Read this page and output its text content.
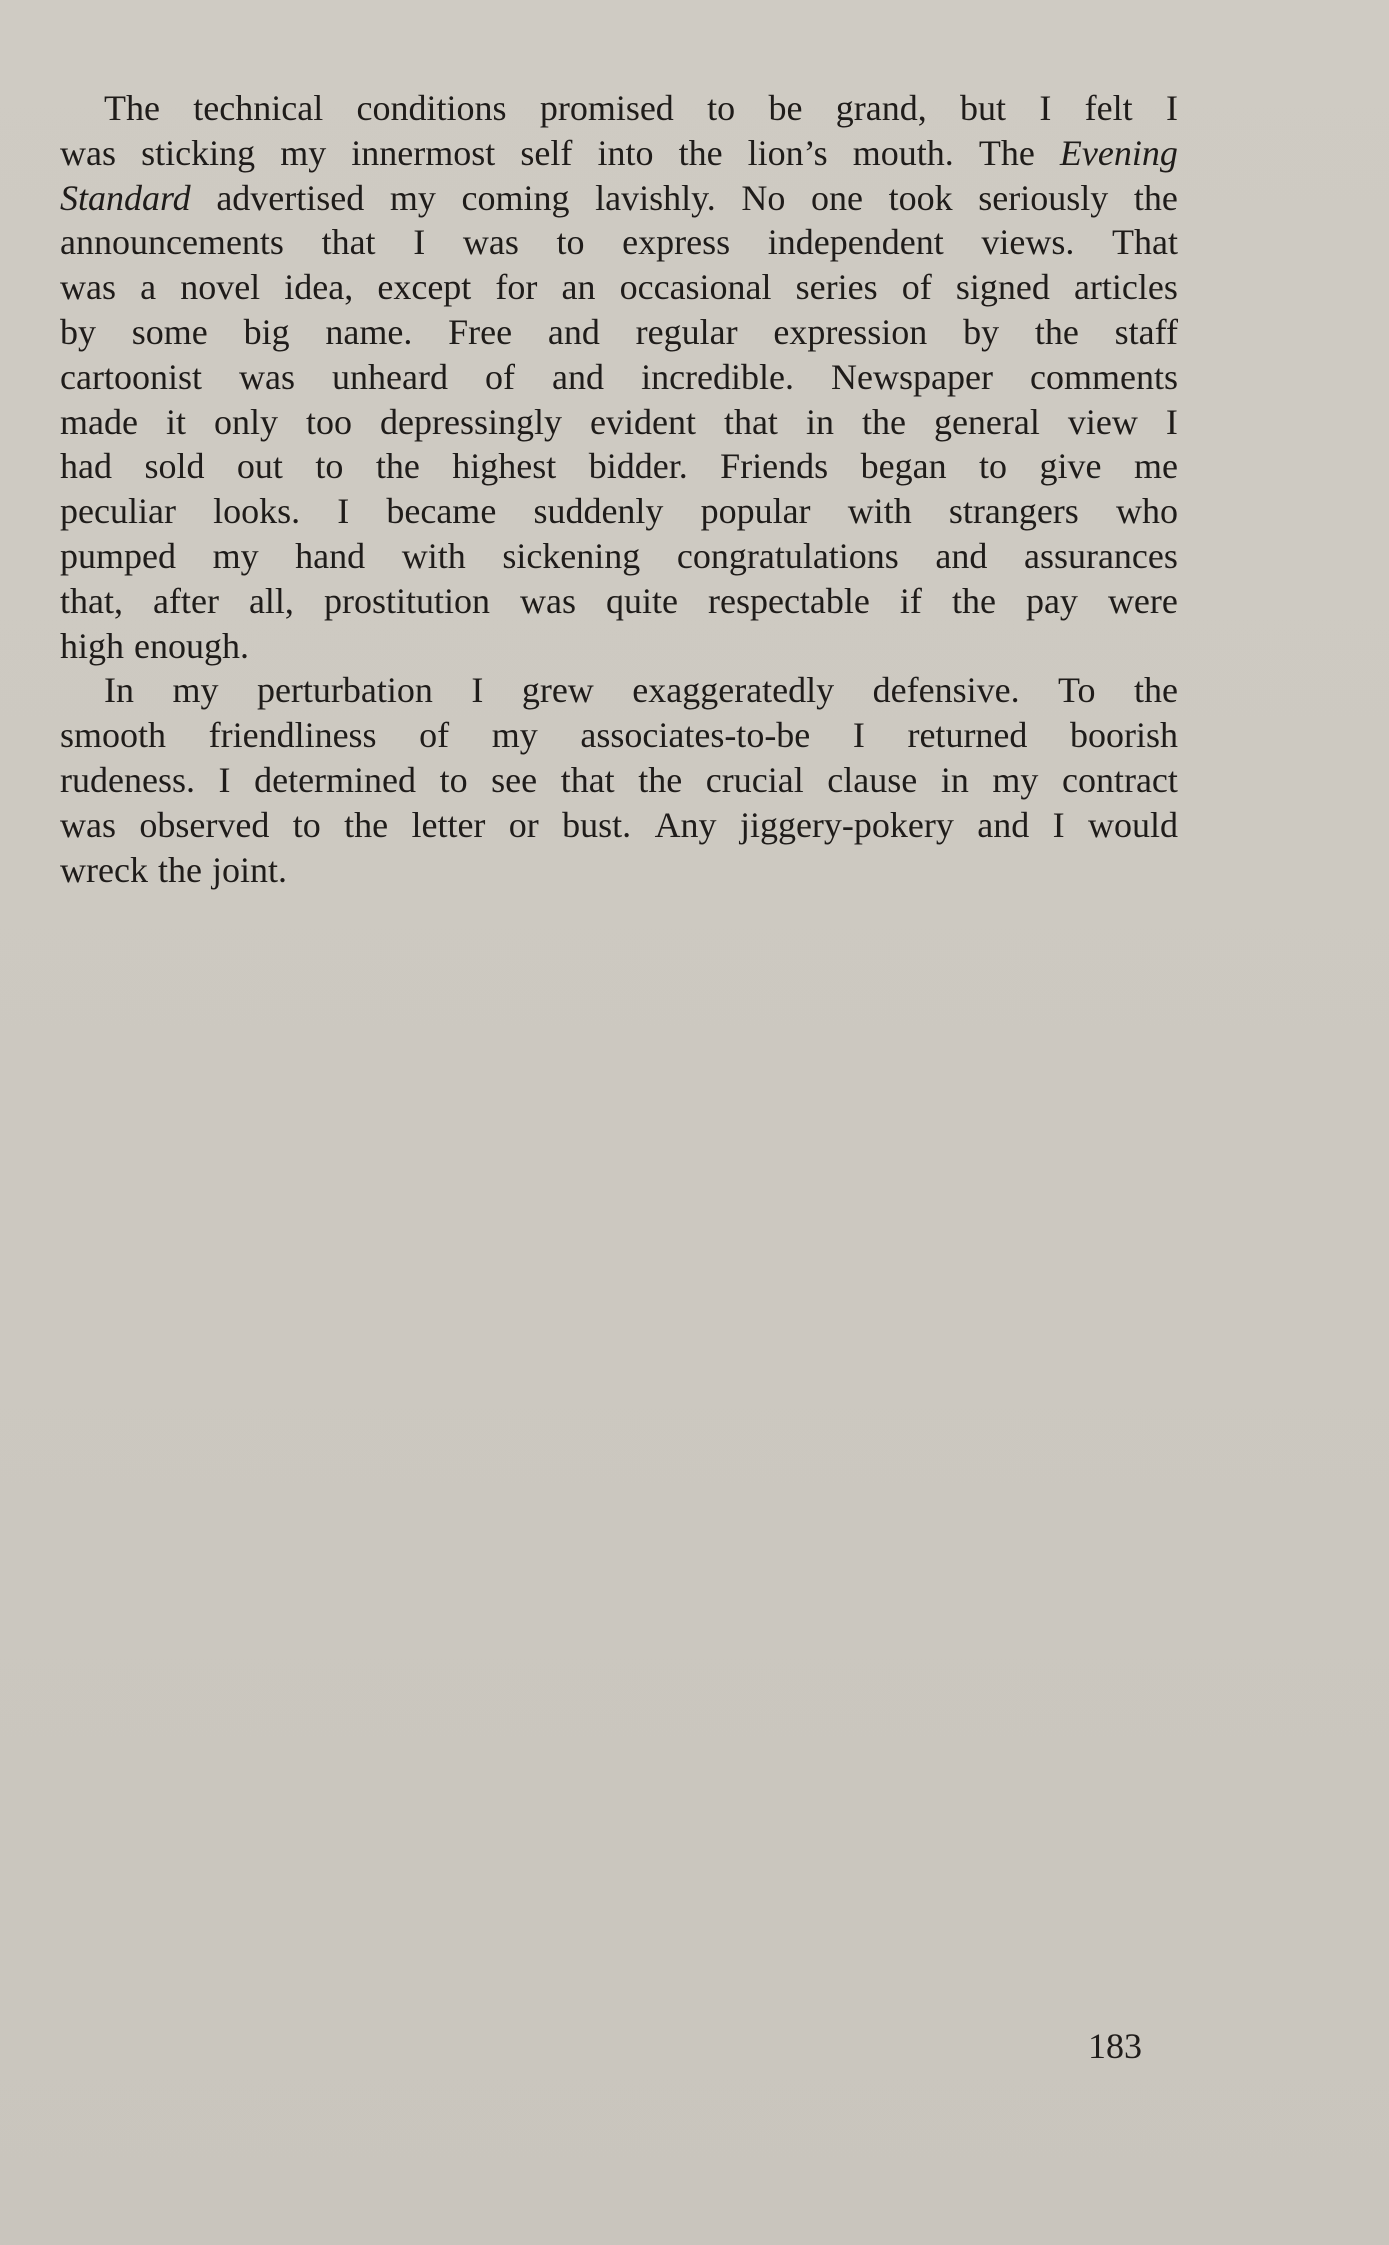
The technical conditions promised to be grand, but I felt I
was sticking my innermost self into the lion’s mouth. The Evening
Standard advertised my coming lavishly. No one took seriously the
announcements that I was to express independent views. That
was a novel idea, except for an occasional series of signed articles
by some big name. Free and regular expression by the staff
cartoonist was unheard of and incredible. Newspaper comments
made it only too depressingly evident that in the general view I
had sold out to the highest bidder. Friends began to give me
peculiar looks. I became suddenly popular with strangers who
pumped my hand with sickening congratulations and assurances
that, after all, prostitution was quite respectable if the pay were
high enough.
In my perturbation I grew exaggeratedly defensive. To the
smooth friendliness of my associates-to-be I returned boorish
rudeness. I determined to see that the crucial clause in my contract
was observed to the letter or bust. Any jiggery-pokery and I would
wreck the joint.
183
